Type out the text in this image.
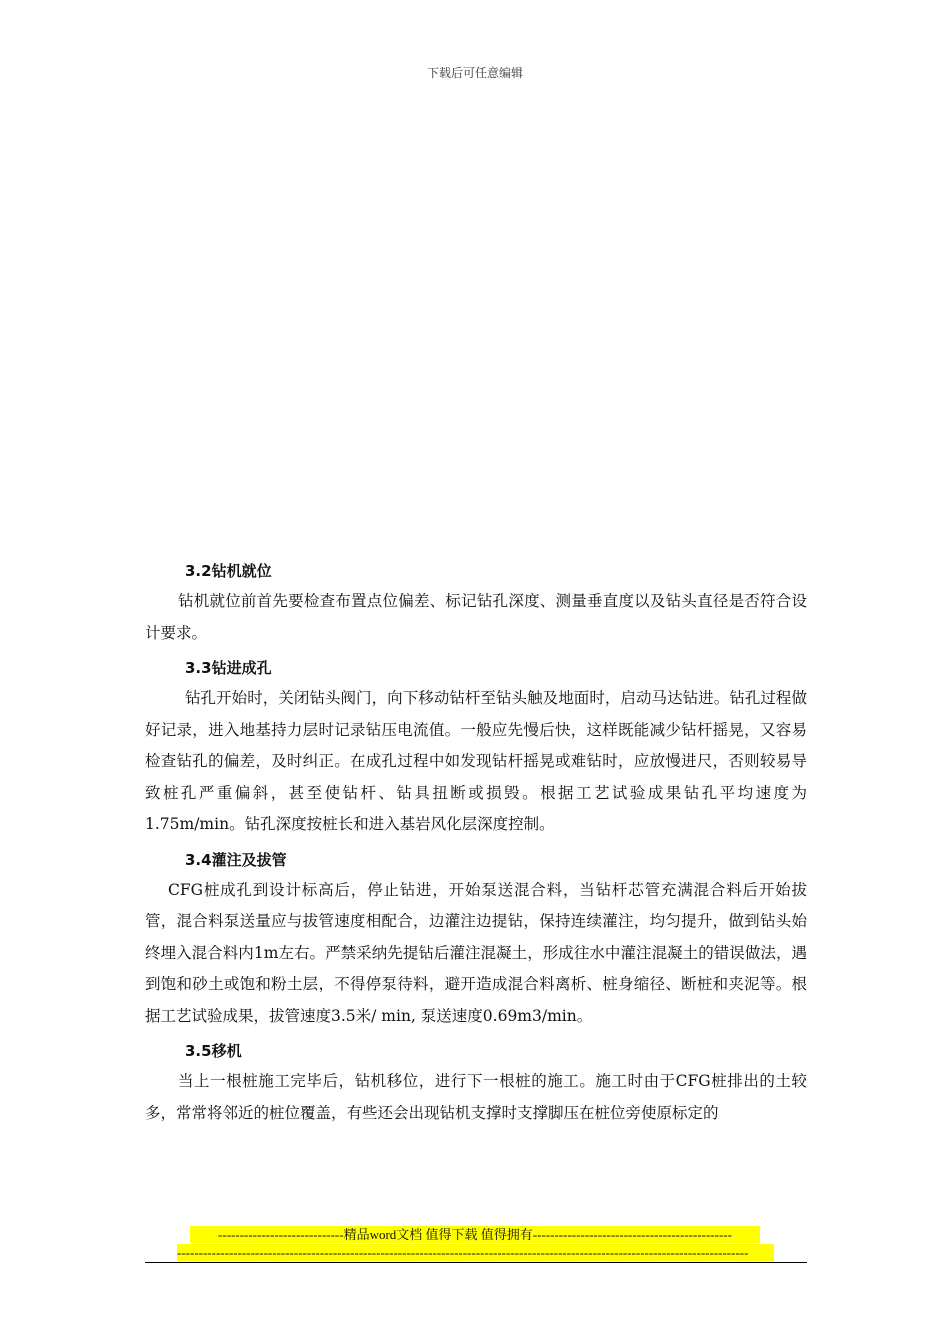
下载后可任意编辑
3.2钻机就位

钻机就位前首先要检查布置点位偏差、标记钻孔深度、测量垂直度以及钻头直径是否符合设计要求。

3.3钻进成孔

钻孔开始时，关闭钻头阀门，向下移动钻杆至钻头触及地面时，启动马达钻进。钻孔过程做好记录，进入地基持力层时记录钻压电流值。一般应先慢后快，这样既能减少钻杆摇晃，又容易检查钻孔的偏差，及时纠正。在成孔过程中如发现钻杆摇晃或难钻时，应放慢进尺，否则较易导致桩孔严重偏斜，甚至使钻杆、钻具扭断或损毁。根据工艺试验成果钻孔平均速度为1.75m/min。钻孔深度按桩长和进入基岩风化层深度控制。

3.4灌注及拔管

CFG桩成孔到设计标高后，停止钻进，开始泵送混合料，当钻杆芯管充满混合料后开始拔管，混合料泵送量应与拔管速度相配合，边灌注边提钻，保持连续灌注，均匀提升，做到钻头始终埋入混合料内1m左右。严禁采纳先提钻后灌注混凝土，形成往水中灌注混凝土的错误做法，遇到饱和砂土或饱和粉土层，不得停泵待料，避开造成混合料离析、桩身缩径、断桩和夹泥等。根据工艺试验成果，拔管速度3.5米/ min, 泵送速度0.69m3/min。

3.5移机

当上一根桩施工完毕后，钻机移位，进行下一根桩的施工。施工时由于CFG桩排出的土较多，常常将邻近的桩位覆盖，有些还会出现钻机支撑时支撑脚压在桩位旁使原标定的

-----------------------------精品word文档 值得下载 值得拥有----------------------------------------------
------------------------------------------------------------------------------------------------------------------------------------
